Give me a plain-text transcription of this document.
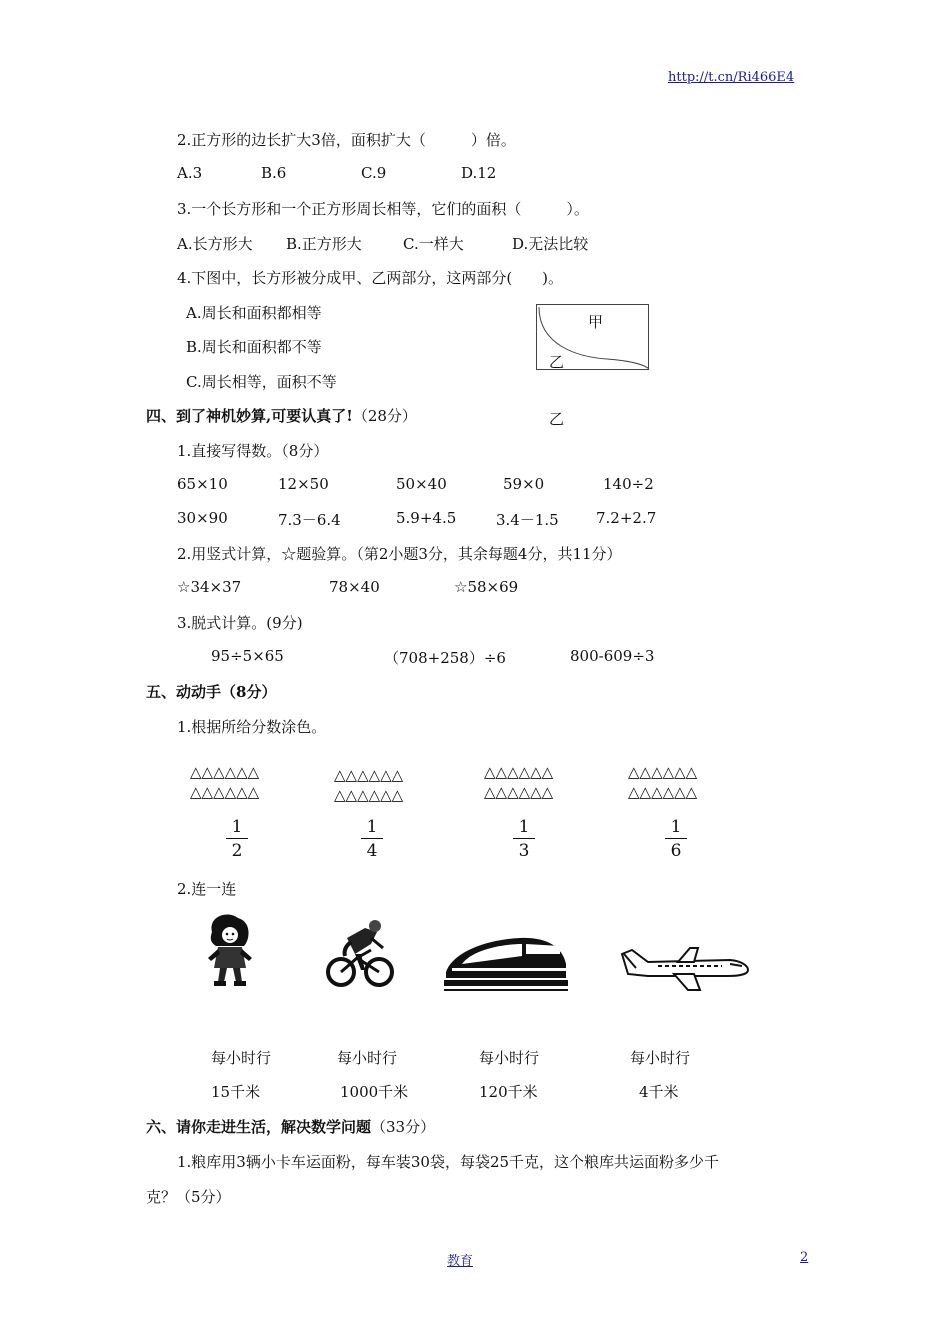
http://t.cn/Ri466E4
2.正方形的边长扩大3倍，面积扩大（　　　）倍。
A.3	B.6	C.9	D.12
3.一个长方形和一个正方形周长相等，它们的面积（　　　）。
A.长方形大 B.正方形大	C.一样大	D.无法比较
4.下图中，长方形被分成甲、乙两部分，这两部分(　　)。
A.周长和面积都相等
B.周长和面积都不等
C.周长相等，面积不等
甲
乙
乙
四、到了神机妙算,可要认真了!（28分）
1.直接写得数。（8分）
65×10	12×50	50×40	59×0	140÷2
30×90	7.3－6.4	5.9+4.5	3.4－1.5 7.2+2.7
2.用竖式计算，☆题验算。（第2小题3分，其余每题4分，共11分）
☆34×37	78×40	☆58×69
3.脱式计算。(9分)
95÷5×65	（708+258）÷6	800-609÷3
五、动动手（8分）
1.根据所给分数涂色。
△△△△△△
△△△△△△
△△△△△△
△△△△△△
△△△△△△
△△△△△△
△△△△△△
△△△△△△
1
2
1
4
1
3
1
6
2.连一连
每小时行	每小时行	每小时行	每小时行
15千米	1000千米	120千米	4千米
六、请你走进生活，解决数学问题（33分）
1.粮库用3辆小卡车运面粉，每车装30袋，每袋25千克，这个粮库共运面粉多少千
克？（5分）
教育	2
